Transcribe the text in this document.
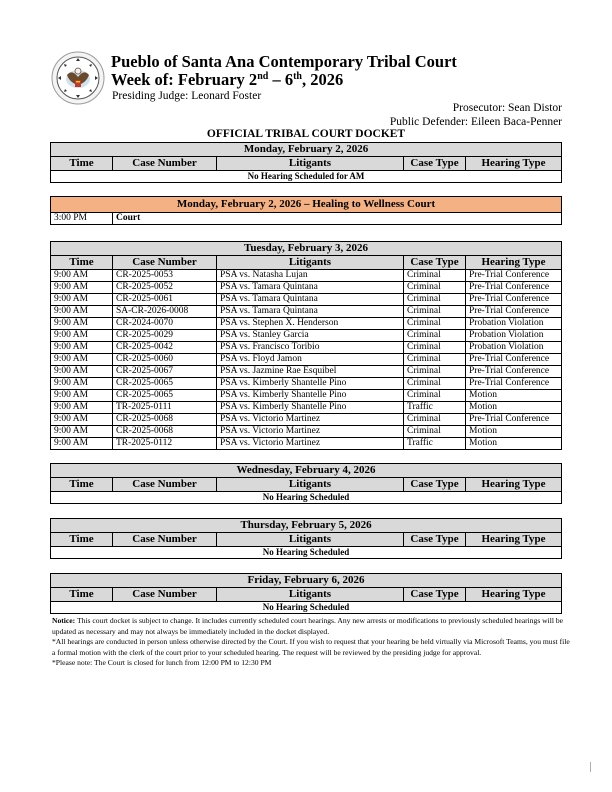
Pueblo of Santa Ana Contemporary Tribal Court
Week of: February 2nd – 6th, 2026
Presiding Judge: Leonard Foster
Prosecutor: Sean Distor
Public Defender: Eileen Baca-Penner
OFFICIAL TRIBAL COURT DOCKET
Monday, February 2, 2026
Time	Case Number	Litigants	Case Type	Hearing Type
No Hearing Scheduled for AM
Monday, February 2, 2026 – Healing to Wellness Court
3:00 PM	Court
Tuesday, February 3, 2026				
Time	Case Number	Litigants	Case Type	Hearing Type
9:00 AM	CR-2025-0053	PSA vs. Natasha Lujan	Criminal	Pre-Trial Conference
9:00 AM	CR-2025-0052	PSA vs. Tamara Quintana	Criminal	Pre-Trial Conference
9:00 AM	CR-2025-0061	PSA vs. Tamara Quintana	Criminal	Pre-Trial Conference
9:00 AM	SA-CR-2026-0008	PSA vs. Tamara Quintana	Criminal	Pre-Trial Conference
9:00 AM	CR-2024-0070	PSA vs. Stephen X. Henderson	Criminal	Probation Violation
9:00 AM	CR-2025-0029	PSA vs. Stanley Garcia	Criminal	Probation Violation
9:00 AM	CR-2025-0042	PSA vs. Francisco Toribio	Criminal	Probation Violation
9:00 AM	CR-2025-0060	PSA vs. Floyd Jamon	Criminal	Pre-Trial Conference
9:00 AM	CR-2025-0067	PSA vs. Jazmine Rae Esquibel	Criminal	Pre-Trial Conference
9:00 AM	CR-2025-0065	PSA vs. Kimberly Shantelle Pino	Criminal	Pre-Trial Conference
9:00 AM	CR-2025-0065	PSA vs. Kimberly Shantelle Pino	Criminal	Motion
9:00 AM	TR-2025-0111	PSA vs. Kimberly Shantelle Pino	Traffic	Motion
9:00 AM	CR-2025-0068	PSA vs. Victorio Martinez	Criminal	Pre-Trial Conference
9:00 AM	CR-2025-0068	PSA vs. Victorio Martinez	Criminal	Motion
9:00 AM	TR-2025-0112	PSA vs. Victorio Martinez	Traffic	Motion
Wednesday, February 4, 2026
Time	Case Number	Litigants	Case Type	Hearing Type
No Hearing Scheduled
Thursday, February 5, 2026
Time	Case Number	Litigants	Case Type	Hearing Type
No Hearing Scheduled
Friday, February 6, 2026
Time	Case Number	Litigants	Case Type	Hearing Type
No Hearing Scheduled

Notice: This court docket is subject to change. It includes currently scheduled court hearings. Any new arrests or modifications to previously scheduled hearings will be updated as necessary and may not always be immediately included in the docket displayed.

*All hearings are conducted in person unless otherwise directed by the Court. If you wish to request that your hearing be held virtually via Microsoft Teams, you must file a formal motion with the clerk of the court prior to your scheduled hearing. The request will be reviewed by the presiding judge for approval.

*Please note: The Court is closed for lunch from 12:00 PM to 12:30 PM
